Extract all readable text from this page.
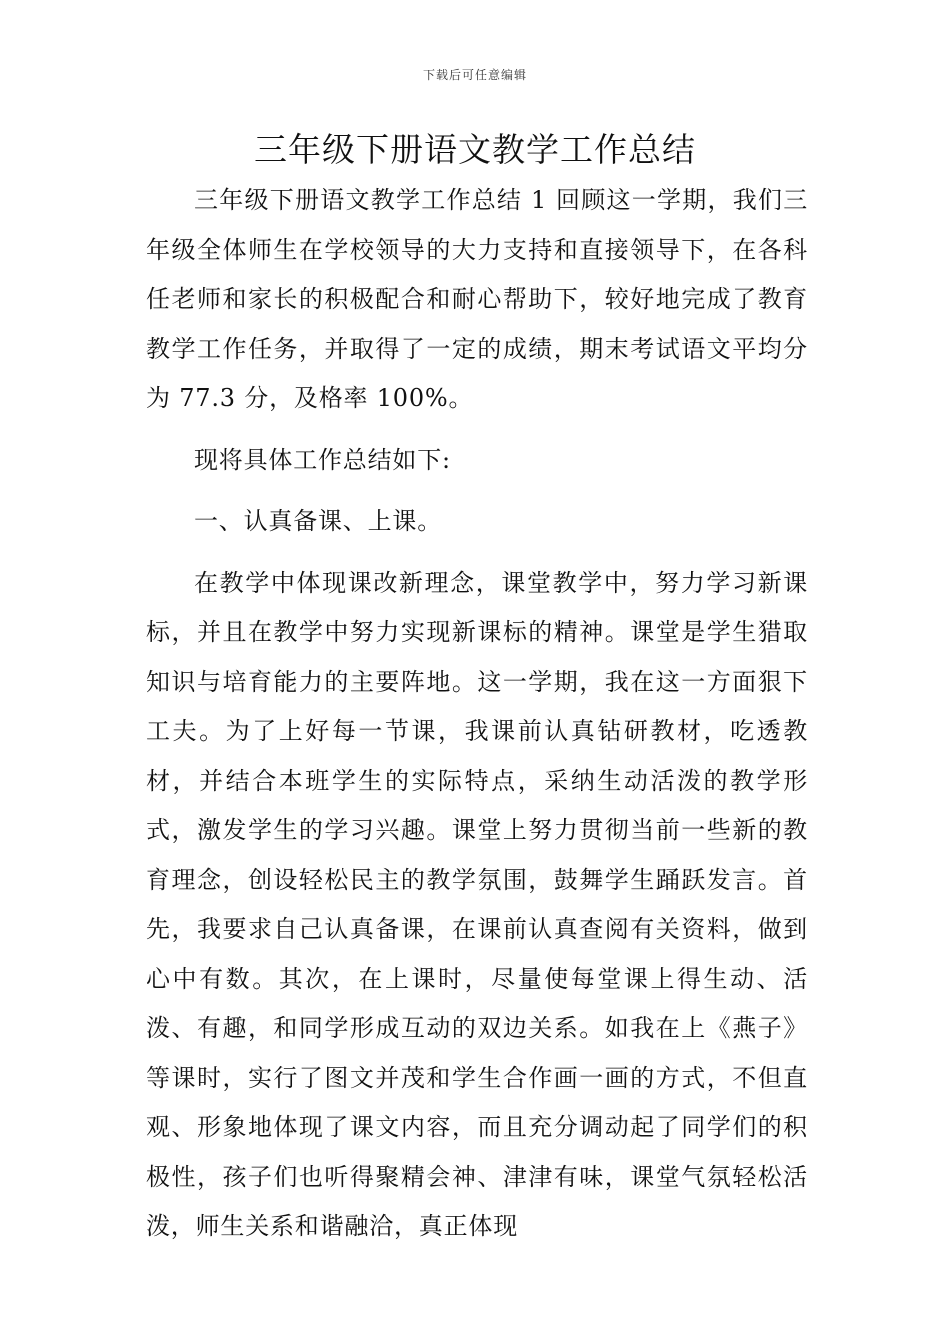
下载后可任意编辑
三年级下册语文教学工作总结

三年级下册语文教学工作总结 1 回顾这一学期，我们三年级全体师生在学校领导的大力支持和直接领导下，在各科任老师和家长的积极配合和耐心帮助下，较好地完成了教育教学工作任务，并取得了一定的成绩，期末考试语文平均分为 77.3 分，及格率 100%。

现将具体工作总结如下:

一、认真备课、上课。

在教学中体现课改新理念，课堂教学中，努力学习新课标，并且在教学中努力实现新课标的精神。课堂是学生猎取知识与培育能力的主要阵地。这一学期，我在这一方面狠下工夫。为了上好每一节课，我课前认真钻研教材，吃透教材，并结合本班学生的实际特点，采纳生动活泼的教学形式，激发学生的学习兴趣。课堂上努力贯彻当前一些新的教育理念，创设轻松民主的教学氛围，鼓舞学生踊跃发言。首先，我要求自己认真备课，在课前认真查阅有关资料，做到心中有数。其次，在上课时，尽量使每堂课上得生动、活泼、有趣，和同学形成互动的双边关系。如我在上《燕子》等课时，实行了图文并茂和学生合作画一画的方式，不但直观、形象地体现了课文内容，而且充分调动起了同学们的积极性，孩子们也听得聚精会神、津津有味，课堂气氛轻松活泼，师生关系和谐融洽，真正体现
